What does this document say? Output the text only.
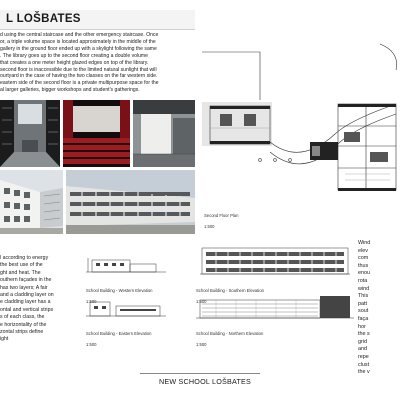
L LOŠBATES
d using the central staircase and the other emergency staircase. Once
or, a triple volume space is located approximately in the middle of the
gallery in the ground floor ended up with a skylight following the same
. The library goes up to the second floor creating a double volume
that creates a one meter height glazed edges on top of the library.
second floor is inaccessible due to the limited natural sunlight that will
ourtyard in the case of having the two classes on the far western side.
eastern side of the second floor is a private multipurpose space for the
al larger galleries, bigger workshops and student's gatherings.

Second Floor Plan

1:500

l according to energy
the best use of the
ght and heat. The
outhern façades in the
has two layers; A fair
and a cladding layer on
e cladding layer has a
ontal and vertical strips
s of each class, the
e horizontality of the
zontal strips define
ight

School Building - Western Elevation

1:500

School Building - Southern Elevation

1:500

School Building - Eastern Elevation

1:500

School Building - Northern Elevation

1:500

Wind
elev
com
thus
enou
rota
wind
This
patt
sout
faça
hor
the s
grid
and
repe
clust
the v
NEW SCHOOL LOŠBATES
